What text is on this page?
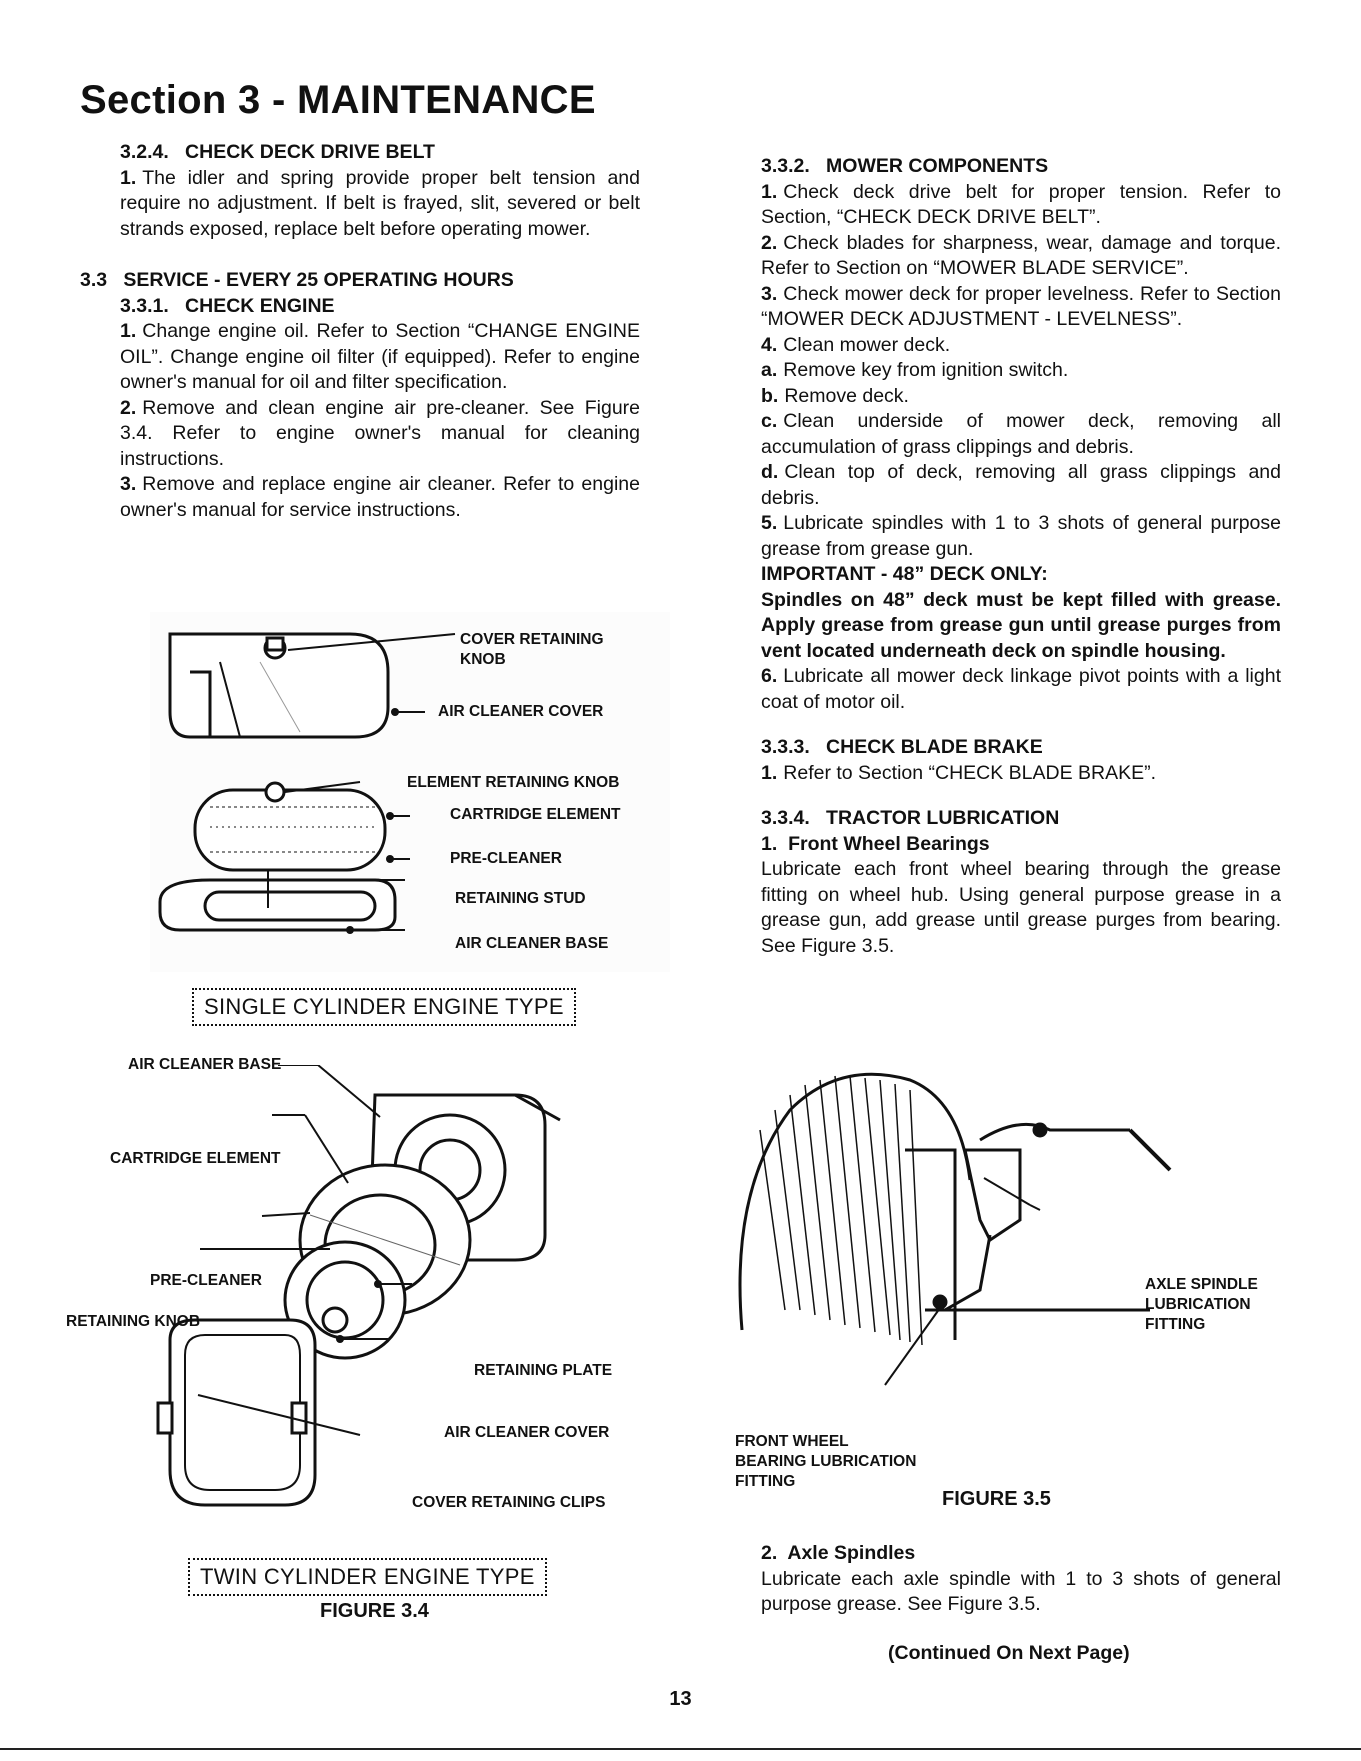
Section 3 - MAINTENANCE

3.2.4.   CHECK DECK DRIVE BELT

1. The idler and spring provide proper belt tension and require no adjustment. If belt is frayed, slit, severed or belt strands exposed, replace belt before operating mower.

3.3   SERVICE - EVERY 25 OPERATING HOURS

3.3.1.   CHECK ENGINE

1. Change engine oil. Refer to Section “CHANGE ENGINE OIL”. Change engine oil filter (if equipped). Refer to engine owner's manual for oil and filter specification.

2. Remove and clean engine air pre-cleaner. See Figure 3.4. Refer to engine owner's manual for cleaning instructions.

3. Remove and replace engine air cleaner. Refer to engine owner's manual for service instructions.

COVER RETAINING
KNOB
AIR CLEANER COVER
ELEMENT RETAINING KNOB
CARTRIDGE ELEMENT
PRE-CLEANER
RETAINING STUD
AIR CLEANER BASE
SINGLE CYLINDER ENGINE TYPE
AIR CLEANER BASE
CARTRIDGE ELEMENT
PRE-CLEANER
RETAINING KNOB
RETAINING PLATE
AIR CLEANER COVER
COVER RETAINING CLIPS
TWIN CYLINDER ENGINE TYPE
FIGURE 3.4

3.3.2.   MOWER COMPONENTS

1. Check deck drive belt for proper tension. Refer to Section, “CHECK DECK DRIVE BELT”.

2. Check blades for sharpness, wear, damage and torque. Refer to Section on “MOWER BLADE SERVICE”.

3. Check mower deck for proper levelness. Refer to Section “MOWER DECK ADJUSTMENT - LEVELNESS”.

4. Clean mower deck.

a. Remove key from ignition switch.

b. Remove deck.

c. Clean underside of mower deck, removing all accumulation of grass clippings and debris.

d. Clean top of deck, removing all grass clippings and debris.

5. Lubricate spindles with 1 to 3 shots of general purpose grease from grease gun.

IMPORTANT - 48” DECK ONLY:

Spindles on 48” deck must be kept filled with grease. Apply grease from grease gun until grease purges from vent located underneath deck on spindle housing.

6. Lubricate all mower deck linkage pivot points with a light coat of motor oil.

3.3.3.   CHECK BLADE BRAKE

1. Refer to Section “CHECK BLADE BRAKE”.

3.3.4.   TRACTOR LUBRICATION

1.  Front Wheel Bearings

Lubricate each front wheel bearing through the grease fitting on wheel hub. Using general purpose grease in a grease gun, add grease until grease purges from bearing. See Figure 3.5.

AXLE SPINDLE
LUBRICATION
FITTING
FRONT WHEEL
BEARING LUBRICATION
FITTING
FIGURE 3.5

2.  Axle Spindles

Lubricate each axle spindle with 1 to 3 shots of general purpose grease. See Figure 3.5.

(Continued On Next Page)
13
